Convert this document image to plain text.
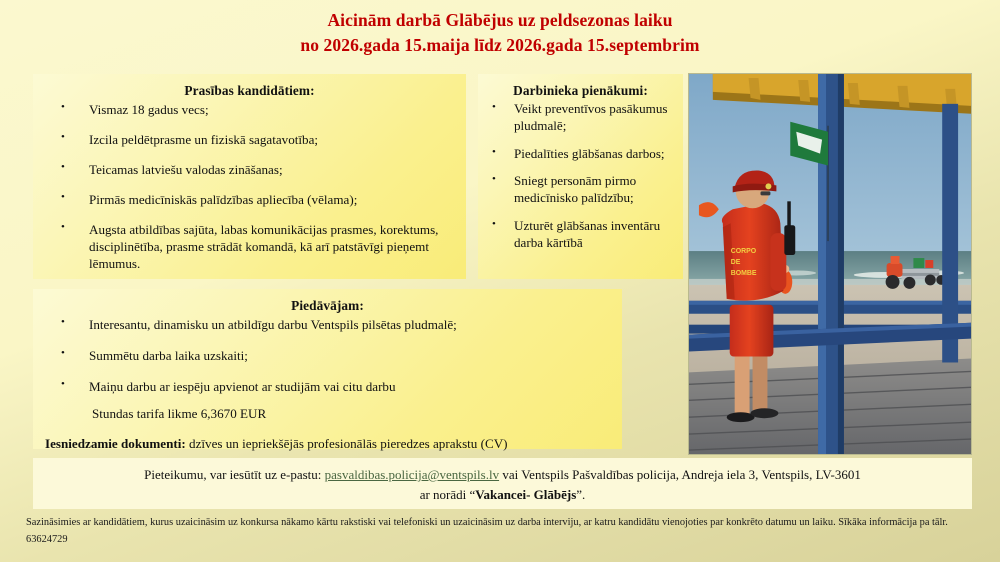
Aicinām darbā Glābējus uz peldsezonas laiku
no 2026.gada 15.maija līdz 2026.gada 15.septembrim
Prasības kandidātiem:
• Vismaz 18 gadus vecs;
• Izcila peldētprasme un fiziskā sagatavotība;
• Teicamas latviešu valodas zināšanas;
• Pirmās medicīniskās palīdzības apliecība (vēlama);
• Augsta atbildības sajūta, labas komunikācijas prasmes, korektums, disciplinētība, prasme strādāt komandā, kā arī patstāvīgi pieņemt lēmumus.
Darbinieka pienākumi:
• Veikt preventīvos pasākumus pludmalē;
• Piedalīties glābšanas darbos;
• Sniegt personām pirmo medicīnisko palīdzību;
• Uzturēt glābšanas inventāru darba kārtībā
Piedāvājam:
• Interesantu, dinamisku un atbildīgu darbu Ventspils pilsētas pludmalē;
• Summētu darba laika uzskaiti;
• Maiņu darbu ar iespēju apvienot ar studijām vai citu darbu
Stundas tarifa likme 6,3670 EUR
Iesniedzamie dokumenti: dzīves un iepriekšējās profesionālās pieredzes aprakstu (CV)
CORPO
DE
BOMBE
Pieteikumu, var iesūtīt uz e-pastu: pasvaldibas.policija@ventspils.lv vai Ventspils Pašvaldības policija, Andreja iela 3, Ventspils, LV-3601
ar norādi “Vakancei- Glābējs”.
Sazināsimies ar kandidātiem, kurus uzaicināsim uz konkursa nākamo kārtu rakstiski vai telefoniski un uzaicināsim uz darba interviju, ar katru kandidātu vienojoties par konkrēto datumu un laiku. Sīkāka informācija pa tālr. 63624729
